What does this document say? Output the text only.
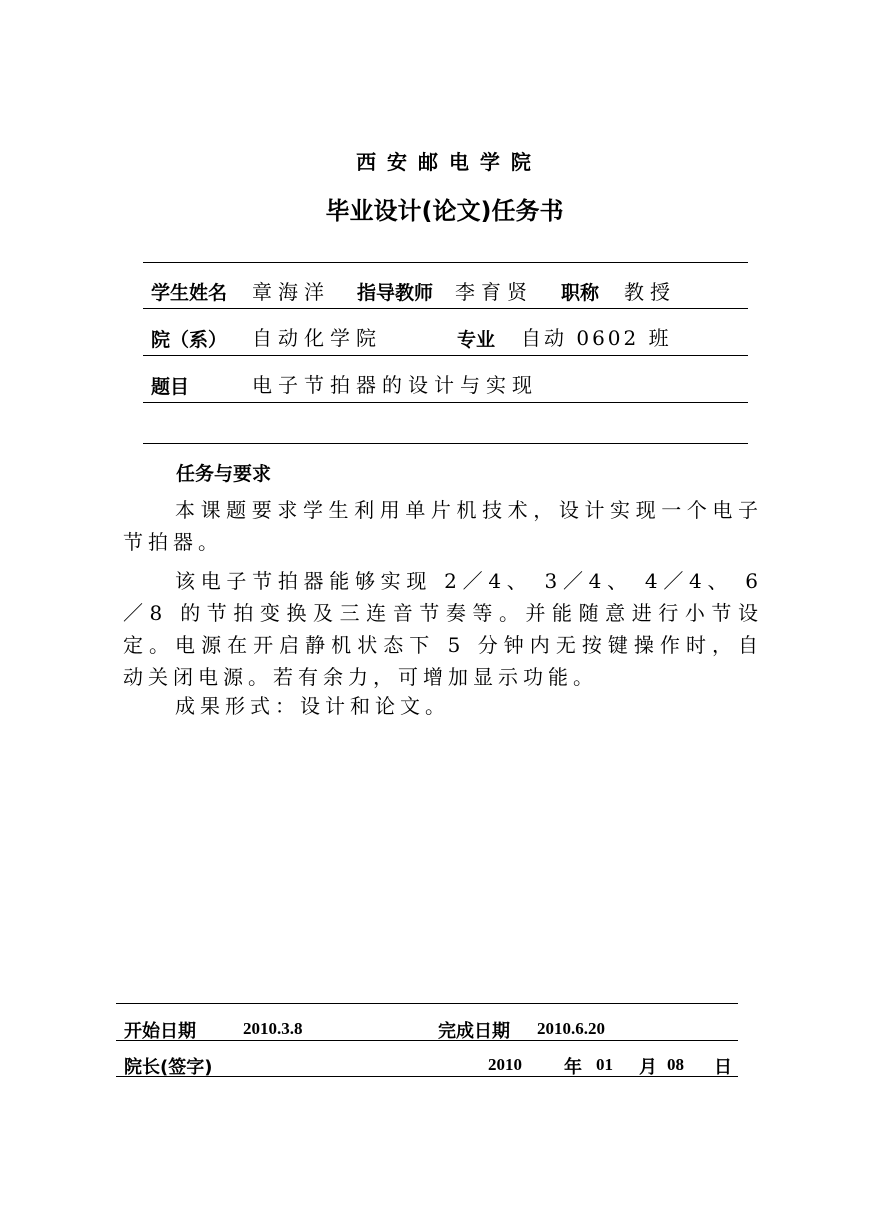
西 安 邮 电 学 院
毕业设计(论文)任务书
学生姓名 章海洋 指导教师 李育贤 职称 教授
院（系） 自动化学院	专业 自动 0602 班
题目	电子节拍器的设计与实现
任务与要求
本课题要求学生利用单片机技术，设计实现一个电子节拍器。
该电子节拍器能够实现 2／4、 3／4、 4／4、 6／8 的节拍变换及三连音节奏等。并能随意进行小节设定。电源在开启静机状态下 5 分钟内无按键操作时，自动关闭电源。若有余力，可增加显示功能。
成果形式：设计和论文。
开始日期	2010.3.8	完成日期 2010.6.20
院长(签字)	2010 年 01 月 08 日
